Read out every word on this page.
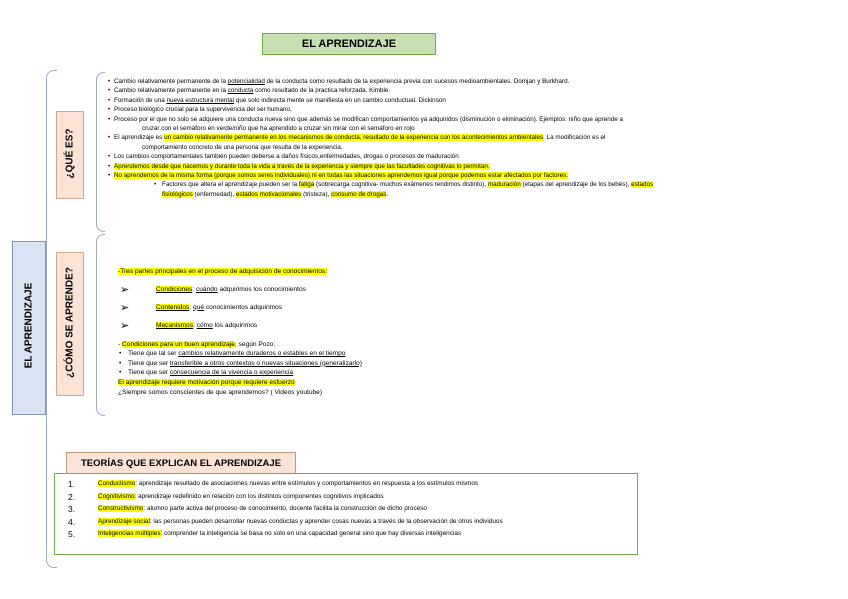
EL APRENDIZAJE
EL APRENDIZAJE
¿QUÉ ES?
¿CÓMO SE APRENDE?
• Cambio relativamente permanente de la potencialidad de la conducta como resultado de la experiencia previa con sucesos medioambientales. Domjan y Burkhard.
• Cambio relativamente permanente en la conducta como resultado de la practica reforzada. Kimble.
• Formación de una nueva estructura mental que solo indirecta mente se manifiesta en un cambio conductual. Dickinson
• Proceso biológico crucial para la supervivencia del ser humano,
• Proceso por el que no solo se adquiere una conducta nueva sino que además se modifican comportamientos ya adquiridos (disminución o eliminación). Ejemplos: niño que aprende a
cruzar con el semáforo en verde/niño que ha aprendido a cruzar sin mirar con el semáforo en rojo
• El aprendizaje es un cambio relativamente permanente en los mecanismos de conducta, resultado de la experiencia con los acontecimientos ambientales. La modificación es el
comportamiento concreto de una persona que resulta de la experiencia.
• Los cambios comportamentales también pueden deberse a daños físicos,enfermedades, drogas o procesos de maduración
• Aprendemos desde que nacemos y durante toda la vida a través de la experiencia y siempre que las facultades cognitivas lo permitan.
• No aprendemos de la misma forma (porque somos seres individuales) ni en todas las situaciones aprendemos igual porque podemos estar afectados por factores.
• Factores que altera el aprendizaje pueden ser la fatiga (sobrecarga cognitiva- muchos exámenes rendimos distinto), maduración (etapas del aprendizaje de los bebés), estados
fisiológicos (enfermedad), estados motivacionales (tristeza), consumo de drogas.
-Tres partes principales en el proceso de adquisición de conocimientos:
➢	Condiciones: cuándo adquirimos los conocimientos
➢	Contenidos: qué conocimientos adquirimos
➢	Mecanismos: cómo los adquirimos
- Condiciones para un buen aprendizaje, según Pozo:
• Tiene que lal ser cambios relativamente duraderos o estables en el tiempo
• Tiene que ser transferible a otros contextos o nuevas situaciones (generalizarlo)
• Tiene que ser consecuencia de la vivencia o experiencia
El aprendizaje requiere motivación porque requiere esfuerzo
¿Siempre somos conscientes de que aprendemos? ( Videos youtube)
TEORÍAS QUE EXPLICAN EL APRENDIZAJE
1.	Conductismo: aprendizaje resultado de asociaciones nuevas entre estímulos y comportamientos en respuesta a los estímulos mismos
2.	Cognitivismo: aprendizaje redefinido en relación con los distintos componentes cognitivos implicados
3.	Constructivismo: alumno parte activa del proceso de conocimiento, docente facilita la construcción de dicho proceso
4.	Aprendizaje social: las personas pueden desarrollar nuevas conductas y aprender cosas nuevas a través de la observación de otros individuos
5.	Inteligencias múltiples: comprender la inteligencia se basa no solo en una capacidad general sino que hay diversas inteligencias
